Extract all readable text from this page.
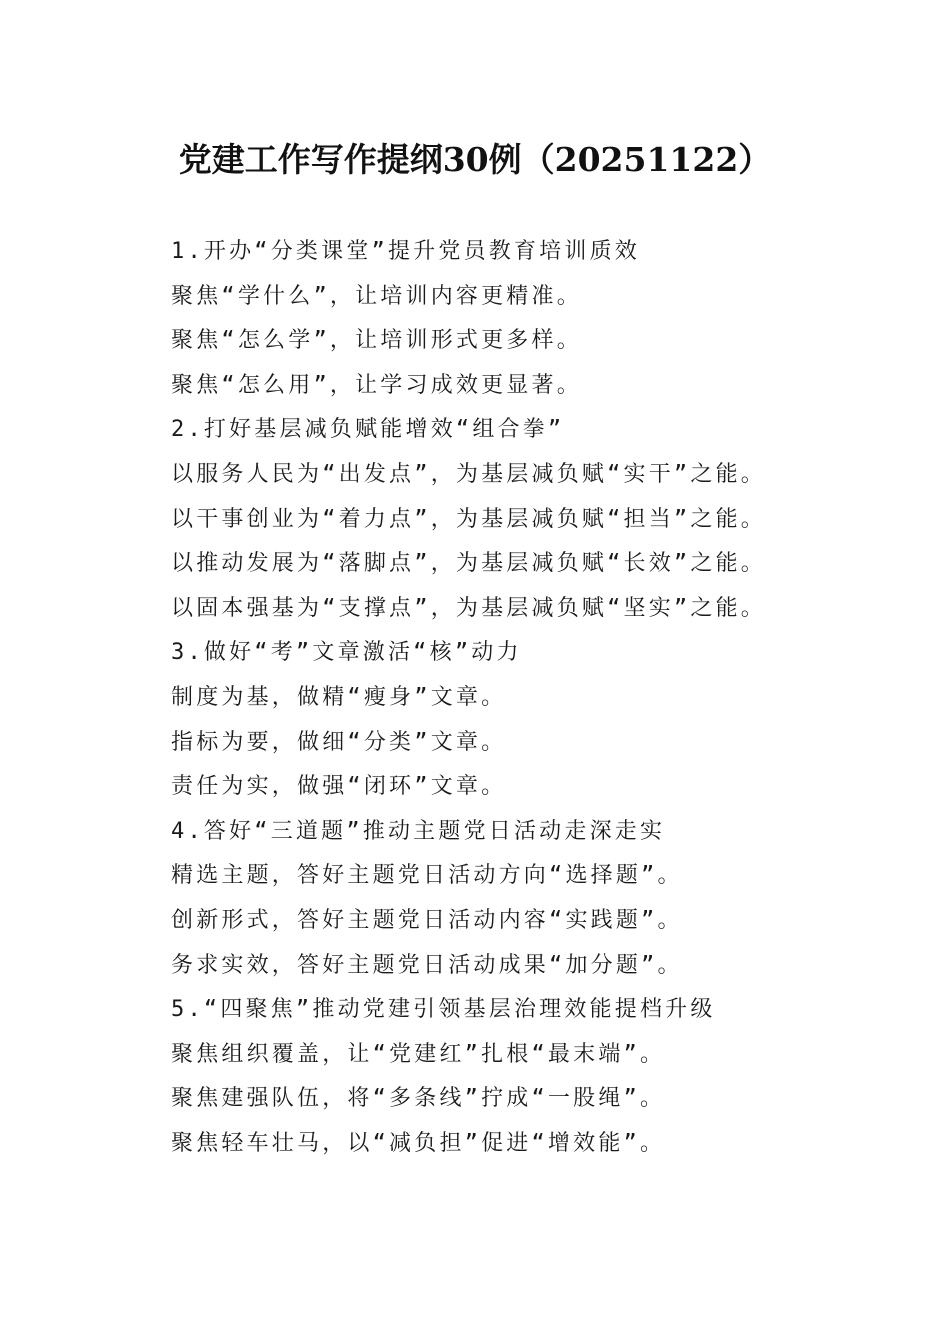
党建工作写作提纲30例（20251122）
1.开办“分类课堂”提升党员教育培训质效
聚焦“学什么”，让培训内容更精准。
聚焦“怎么学”，让培训形式更多样。
聚焦“怎么用”，让学习成效更显著。
2.打好基层减负赋能增效“组合拳”
以服务人民为“出发点”，为基层减负赋“实干”之能。
以干事创业为“着力点”，为基层减负赋“担当”之能。
以推动发展为“落脚点”，为基层减负赋“长效”之能。
以固本强基为“支撑点”，为基层减负赋“坚实”之能。
3.做好“考”文章激活“核”动力
制度为基，做精“瘦身”文章。
指标为要，做细“分类”文章。
责任为实，做强“闭环”文章。
4.答好“三道题”推动主题党日活动走深走实
精选主题，答好主题党日活动方向“选择题”。
创新形式，答好主题党日活动内容“实践题”。
务求实效，答好主题党日活动成果“加分题”。
5.“四聚焦”推动党建引领基层治理效能提档升级
聚焦组织覆盖，让“党建红”扎根“最末端”。
聚焦建强队伍，将“多条线”拧成“一股绳”。
聚焦轻车壮马，以“减负担”促进“增效能”。
